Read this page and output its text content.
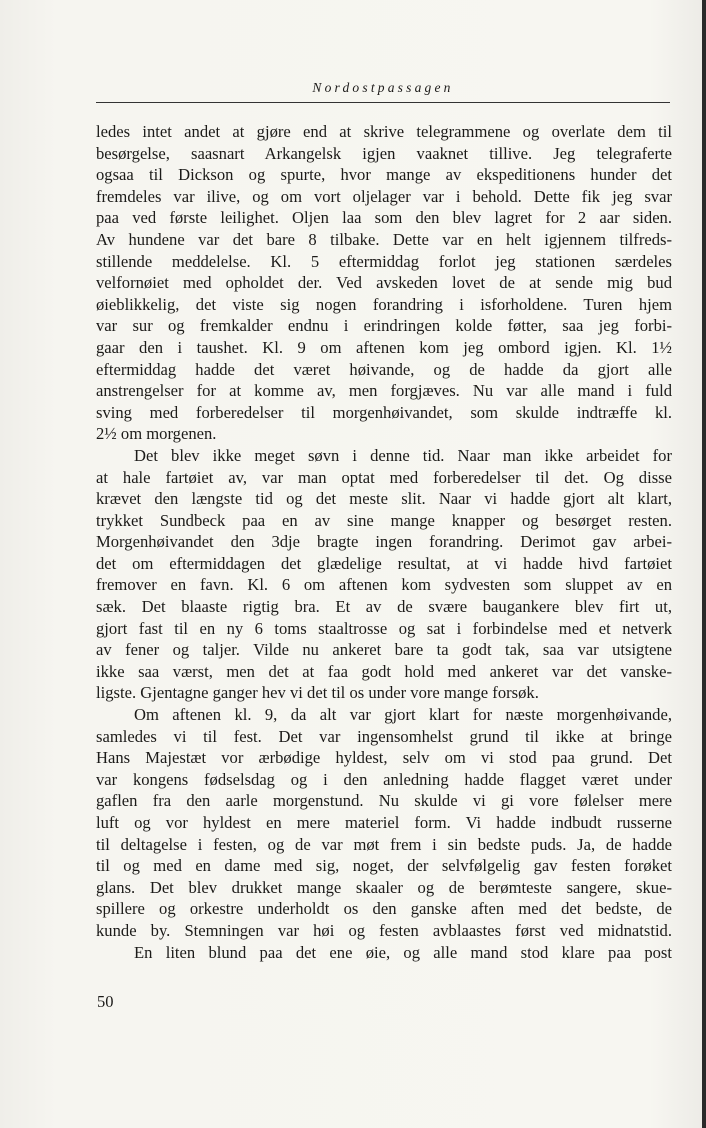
Nordostpassagen
ledes intet andet at gjøre end at skrive telegrammene og overlate dem til
besørgelse, saasnart Arkangelsk igjen vaaknet tillive. Jeg telegraferte
ogsaa til Dickson og spurte, hvor mange av ekspeditionens hunder det
fremdeles var ilive, og om vort oljelager var i behold. Dette fik jeg svar
paa ved første leilighet. Oljen laa som den blev lagret for 2 aar siden.
Av hundene var det bare 8 tilbake. Dette var en helt igjennem tilfreds-
stillende meddelelse. Kl. 5 eftermiddag forlot jeg stationen særdeles
velfornøiet med opholdet der. Ved avskeden lovet de at sende mig bud
øieblikkelig, det viste sig nogen forandring i isforholdene. Turen hjem
var sur og fremkalder endnu i erindringen kolde føtter, saa jeg forbi-
gaar den i taushet. Kl. 9 om aftenen kom jeg ombord igjen. Kl. 1½
eftermiddag hadde det været høivande, og de hadde da gjort alle
anstrengelser for at komme av, men forgjæves. Nu var alle mand i fuld
sving med forberedelser til morgenhøivandet, som skulde indtræffe kl.
2½ om morgenen.
Det blev ikke meget søvn i denne tid. Naar man ikke arbeidet for
at hale fartøiet av, var man optat med forberedelser til det. Og disse
krævet den længste tid og det meste slit. Naar vi hadde gjort alt klart,
trykket Sundbeck paa en av sine mange knapper og besørget resten.
Morgenhøivandet den 3dje bragte ingen forandring. Derimot gav arbei-
det om eftermiddagen det glædelige resultat, at vi hadde hivd fartøiet
fremover en favn. Kl. 6 om aftenen kom sydvesten som sluppet av en
sæk. Det blaaste rigtig bra. Et av de svære baugankere blev firt ut,
gjort fast til en ny 6 toms staaltrosse og sat i forbindelse med et netverk
av fener og taljer. Vilde nu ankeret bare ta godt tak, saa var utsigtene
ikke saa værst, men det at faa godt hold med ankeret var det vanske-
ligste. Gjentagne ganger hev vi det til os under vore mange forsøk.
Om aftenen kl. 9, da alt var gjort klart for næste morgenhøivande,
samledes vi til fest. Det var ingensomhelst grund til ikke at bringe
Hans Majestæt vor ærbødige hyldest, selv om vi stod paa grund. Det
var kongens fødselsdag og i den anledning hadde flagget været under
gaflen fra den aarle morgenstund. Nu skulde vi gi vore følelser mere
luft og vor hyldest en mere materiel form. Vi hadde indbudt russerne
til deltagelse i festen, og de var møt frem i sin bedste puds. Ja, de hadde
til og med en dame med sig, noget, der selvfølgelig gav festen forøket
glans. Det blev drukket mange skaaler og de berømteste sangere, skue-
spillere og orkestre underholdt os den ganske aften med det bedste, de
kunde by. Stemningen var høi og festen avblaastes først ved midnatstid.
En liten blund paa det ene øie, og alle mand stod klare paa post
50
